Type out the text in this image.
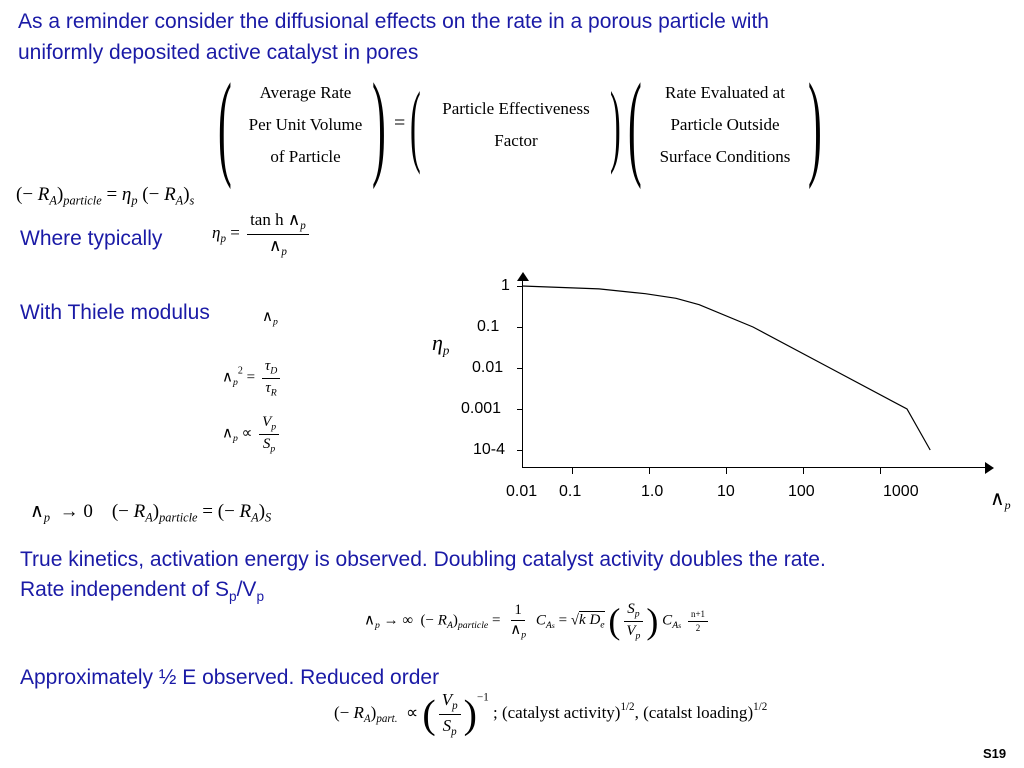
As a reminder consider the diffusional effects on the rate in a porous particle with
uniformly deposited active catalyst in pores
(	Average Rate
Per Unit Volume
of Particle ) = (	Particle Effectiveness
Factor ) (	Rate Evaluated at
Particle Outside
Surface Conditions )
(− $R_A)_{particle} = \eta_p$ (− $R_A)_s$
Where typically	$\eta_p = \frac{\tan h \wedge_p}{\wedge_p}$
With Thiele modulus	$\wedge_p$
$\wedge_p^2 = \frac{\tau_D}{\tau_R}$
$\wedge_p \propto \frac{V_p}{S_p}$
$\wedge_p \to 0$    (− $R_A)_{particle}$ = (− $R_A)_S$
True kinetics, activation energy is observed. Doubling catalyst activity doubles the rate.
Rate independent of $S_p/V_p$
$\wedge_p$ → ∞  (− $R_A)_{particle} = \frac{1}{\wedge_p} C_{As} = √k$ $D_e$ ( $\frac{S_p}{V_p}$ ) $C_{As} \frac{n+1}{2}$
Approximately ½ E observed. Reduced order
(− $R_A)_{part.}$  ∝ ( $\frac{V_p}{S_p} )^{-1}$ ; (catalyst activity)$^{1/2}$, (catalst loading)$^{1/2}$
S19
1
0.1
0.01
0.001
10-4
0.01 0.1	1.0	10	100	1000
$\eta_p$
$\wedge_p$
